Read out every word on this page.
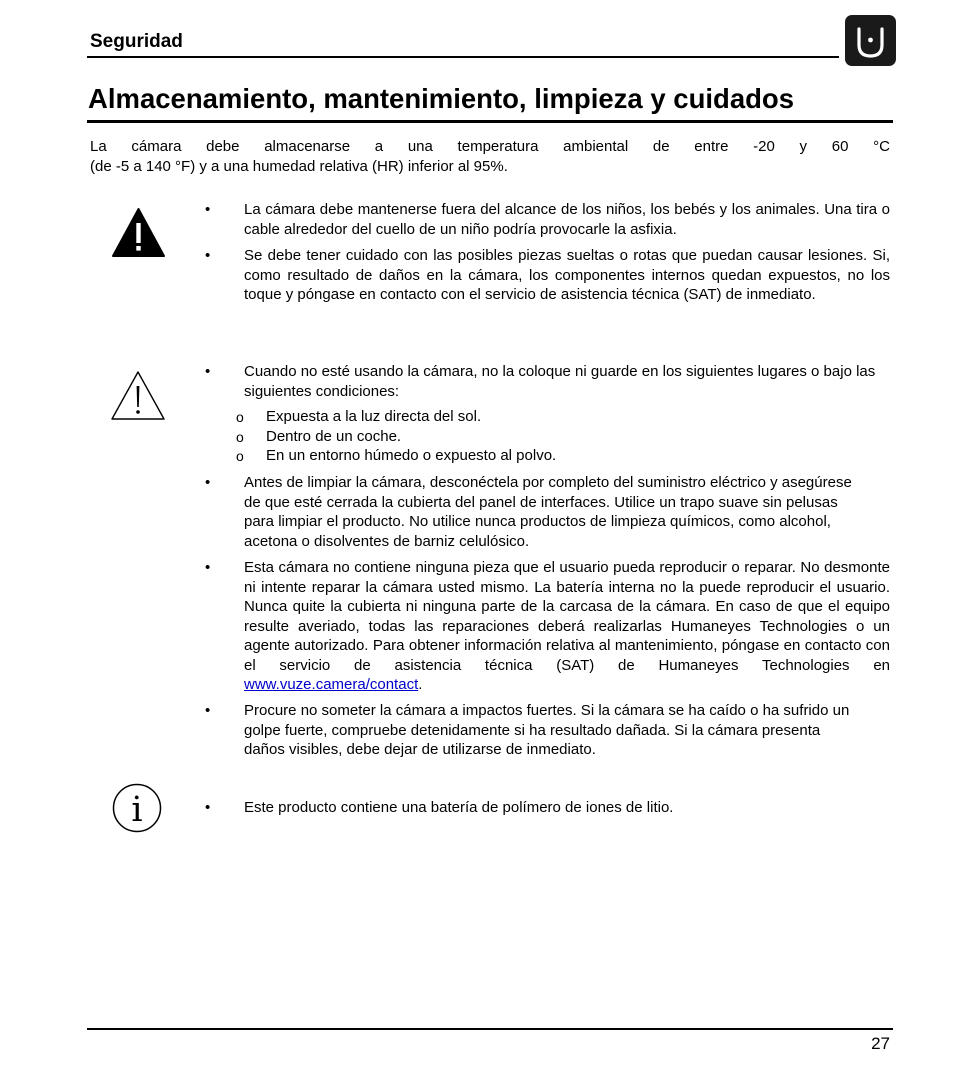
Seguridad
Almacenamiento, mantenimiento, limpieza y cuidados
La cámara debe almacenarse a una temperatura ambiental de entre -20 y 60 °C
(de -5 a 140 °F) y a una humedad relativa (HR) inferior al 95%.
• La cámara debe mantenerse fuera del alcance de los niños, los bebés y los animales. Una tira o cable alrededor del cuello de un niño podría provocarle la asfixia.
• Se debe tener cuidado con las posibles piezas sueltas o rotas que puedan causar lesiones. Si, como resultado de daños en la cámara, los componentes internos quedan expuestos, no los toque y póngase en contacto con el servicio de asistencia técnica (SAT) de inmediato.
• Cuando no esté usando la cámara, no la coloque ni guarde en los siguientes lugares o bajo las siguientes condiciones:
o Expuesta a la luz directa del sol.
o Dentro de un coche.
o En un entorno húmedo o expuesto al polvo.
• Antes de limpiar la cámara, desconéctela por completo del suministro eléctrico y asegúrese de que esté cerrada la cubierta del panel de interfaces. Utilice un trapo suave sin pelusas para limpiar el producto. No utilice nunca productos de limpieza químicos, como alcohol, acetona o disolventes de barniz celulósico.
• Esta cámara no contiene ninguna pieza que el usuario pueda reproducir o reparar. No desmonte ni intente reparar la cámara usted mismo. La batería interna no la puede reproducir el usuario. Nunca quite la cubierta ni ninguna parte de la carcasa de la cámara. En caso de que el equipo resulte averiado, todas las reparaciones deberá realizarlas Humaneyes Technologies o un agente autorizado. Para obtener información relativa al mantenimiento, póngase en contacto con el servicio de asistencia técnica (SAT) de Humaneyes Technologies en www.vuze.camera/contact.
• Procure no someter la cámara a impactos fuertes. Si la cámara se ha caído o ha sufrido un golpe fuerte, compruebe detenidamente si ha resultado dañada. Si la cámara presenta daños visibles, debe dejar de utilizarse de inmediato.
i	• Este producto contiene una batería de polímero de iones de litio.
27
